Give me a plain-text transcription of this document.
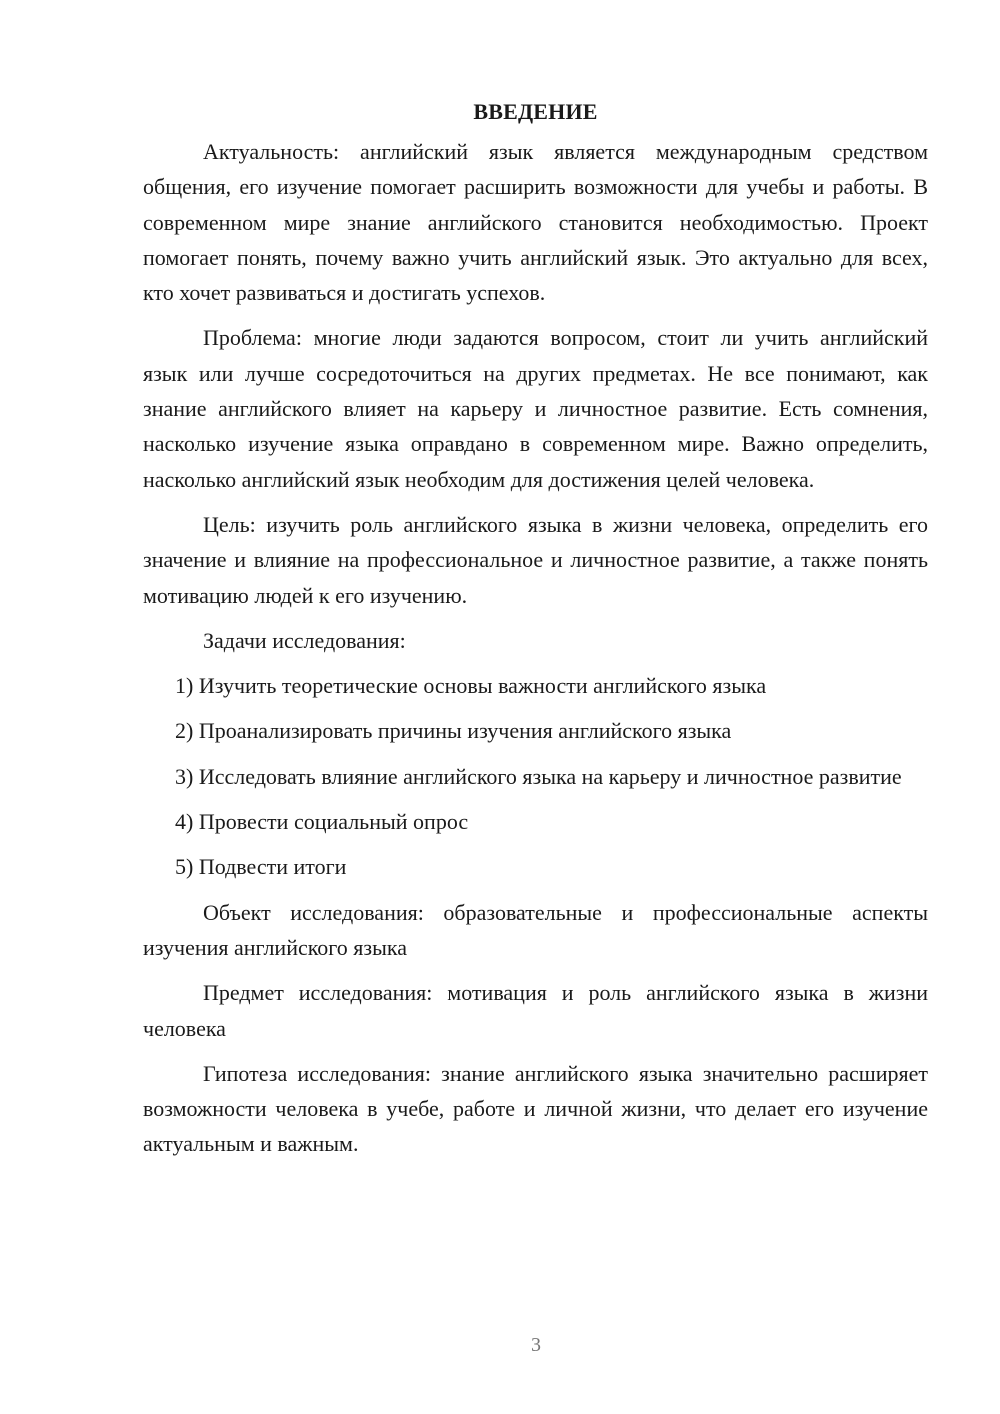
ВВЕДЕНИЕ

Актуальность: английский язык является международным средством общения, его изучение помогает расширить возможности для учебы и работы. В современном мире знание английского становится необходимостью. Проект помогает понять, почему важно учить английский язык. Это актуально для всех, кто хочет развиваться и достигать успехов.

Проблема: многие люди задаются вопросом, стоит ли учить английский язык или лучше сосредоточиться на других предметах. Не все понимают, как знание английского влияет на карьеру и личностное развитие. Есть сомнения, насколько изучение языка оправдано в современном мире. Важно определить, насколько английский язык необходим для достижения целей человека.

Цель: изучить роль английского языка в жизни человека, определить его значение и влияние на профессиональное и личностное развитие, а также понять мотивацию людей к его изучению.

Задачи исследования:

1) Изучить теоретические основы важности английского языка

2) Проанализировать причины изучения английского языка

3) Исследовать влияние английского языка на карьеру и личностное развитие

4) Провести социальный опрос

5) Подвести итоги

Объект исследования: образовательные и профессиональные аспекты изучения английского языка

Предмет исследования: мотивация и роль английского языка в жизни человека

Гипотеза исследования: знание английского языка значительно расширяет возможности человека в учебе, работе и личной жизни, что делает его изучение актуальным и важным.

3
